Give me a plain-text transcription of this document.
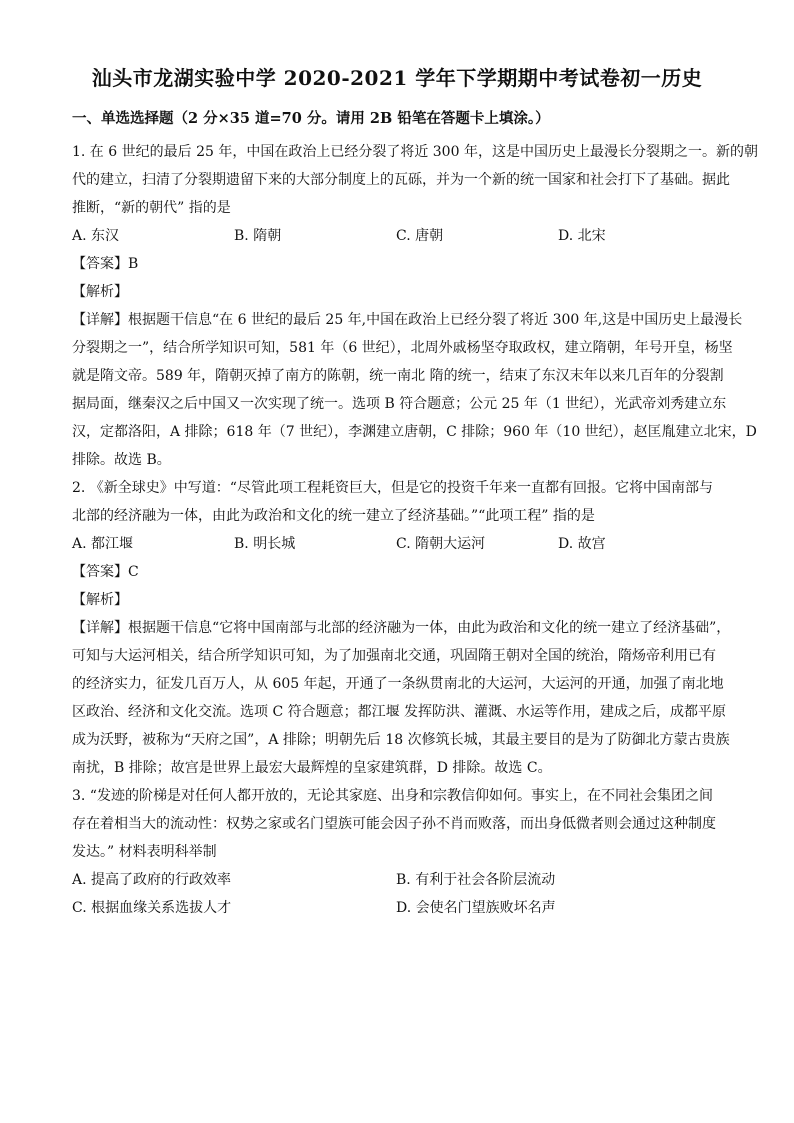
汕头市龙湖实验中学 2020-2021 学年下学期期中考试卷初一历史
一、单选选择题（2 分×35 道=70 分。请用 2B 铅笔在答题卡上填涂。）
1. 在 6 世纪的最后 25 年，中国在政治上已经分裂了将近 300 年，这是中国历史上最漫长分裂期之一。新的朝
代的建立，扫清了分裂期遗留下来的大部分制度上的瓦砾，并为一个新的统一国家和社会打下了基础。据此
推断，“新的朝代” 指的是
A. 东汉	B. 隋朝	C. 唐朝	D. 北宋
【答案】B
【解析】
【详解】根据题干信息“在 6 世纪的最后 25 年,中国在政治上已经分裂了将近 300 年,这是中国历史上最漫长
分裂期之一”，结合所学知识可知，581 年（6 世纪），北周外戚杨坚夺取政权，建立隋朝，年号开皇，杨坚
就是隋文帝。589 年，隋朝灭掉了南方的陈朝，统一南北 隋的统一，结束了东汉末年以来几百年的分裂割
据局面，继秦汉之后中国又一次实现了统一。选项 B 符合题意；公元 25 年（1 世纪），光武帝刘秀建立东
汉，定都洛阳，A 排除；618 年（7 世纪），李渊建立唐朝，C 排除；960 年（10 世纪），赵匡胤建立北宋，D
排除。故选 B。
2. 《新全球史》中写道：“尽管此项工程耗资巨大，但是它的投资千年来一直都有回报。它将中国南部与
北部的经济融为一体，由此为政治和文化的统一建立了经济基础。”“此项工程” 指的是
A. 都江堰	B. 明长城	C. 隋朝大运河	D. 故宫
【答案】C
【解析】
【详解】根据题干信息“它将中国南部与北部的经济融为一体，由此为政治和文化的统一建立了经济基础”，
可知与大运河相关，结合所学知识可知，为了加强南北交通，巩固隋王朝对全国的统治，隋炀帝利用已有
的经济实力，征发几百万人，从 605 年起，开通了一条纵贯南北的大运河，大运河的开通，加强了南北地
区政治、经济和文化交流。选项 C 符合题意；都江堰 发挥防洪、灌溉、水运等作用，建成之后，成都平原
成为沃野，被称为“天府之国”，A 排除；明朝先后 18 次修筑长城，其最主要目的是为了防御北方蒙古贵族
南扰，B 排除；故宫是世界上最宏大最辉煌的皇家建筑群，D 排除。故选 C。
3. “发迹的阶梯是对任何人都开放的，无论其家庭、出身和宗教信仰如何。事实上，在不同社会集团之间
存在着相当大的流动性：权势之家或名门望族可能会因子孙不肖而败落，而出身低微者则会通过这种制度
发达。” 材料表明科举制
A. 提高了政府的行政效率	B. 有利于社会各阶层流动
C. 根据血缘关系选拔人才	D. 会使名门望族败坏名声
